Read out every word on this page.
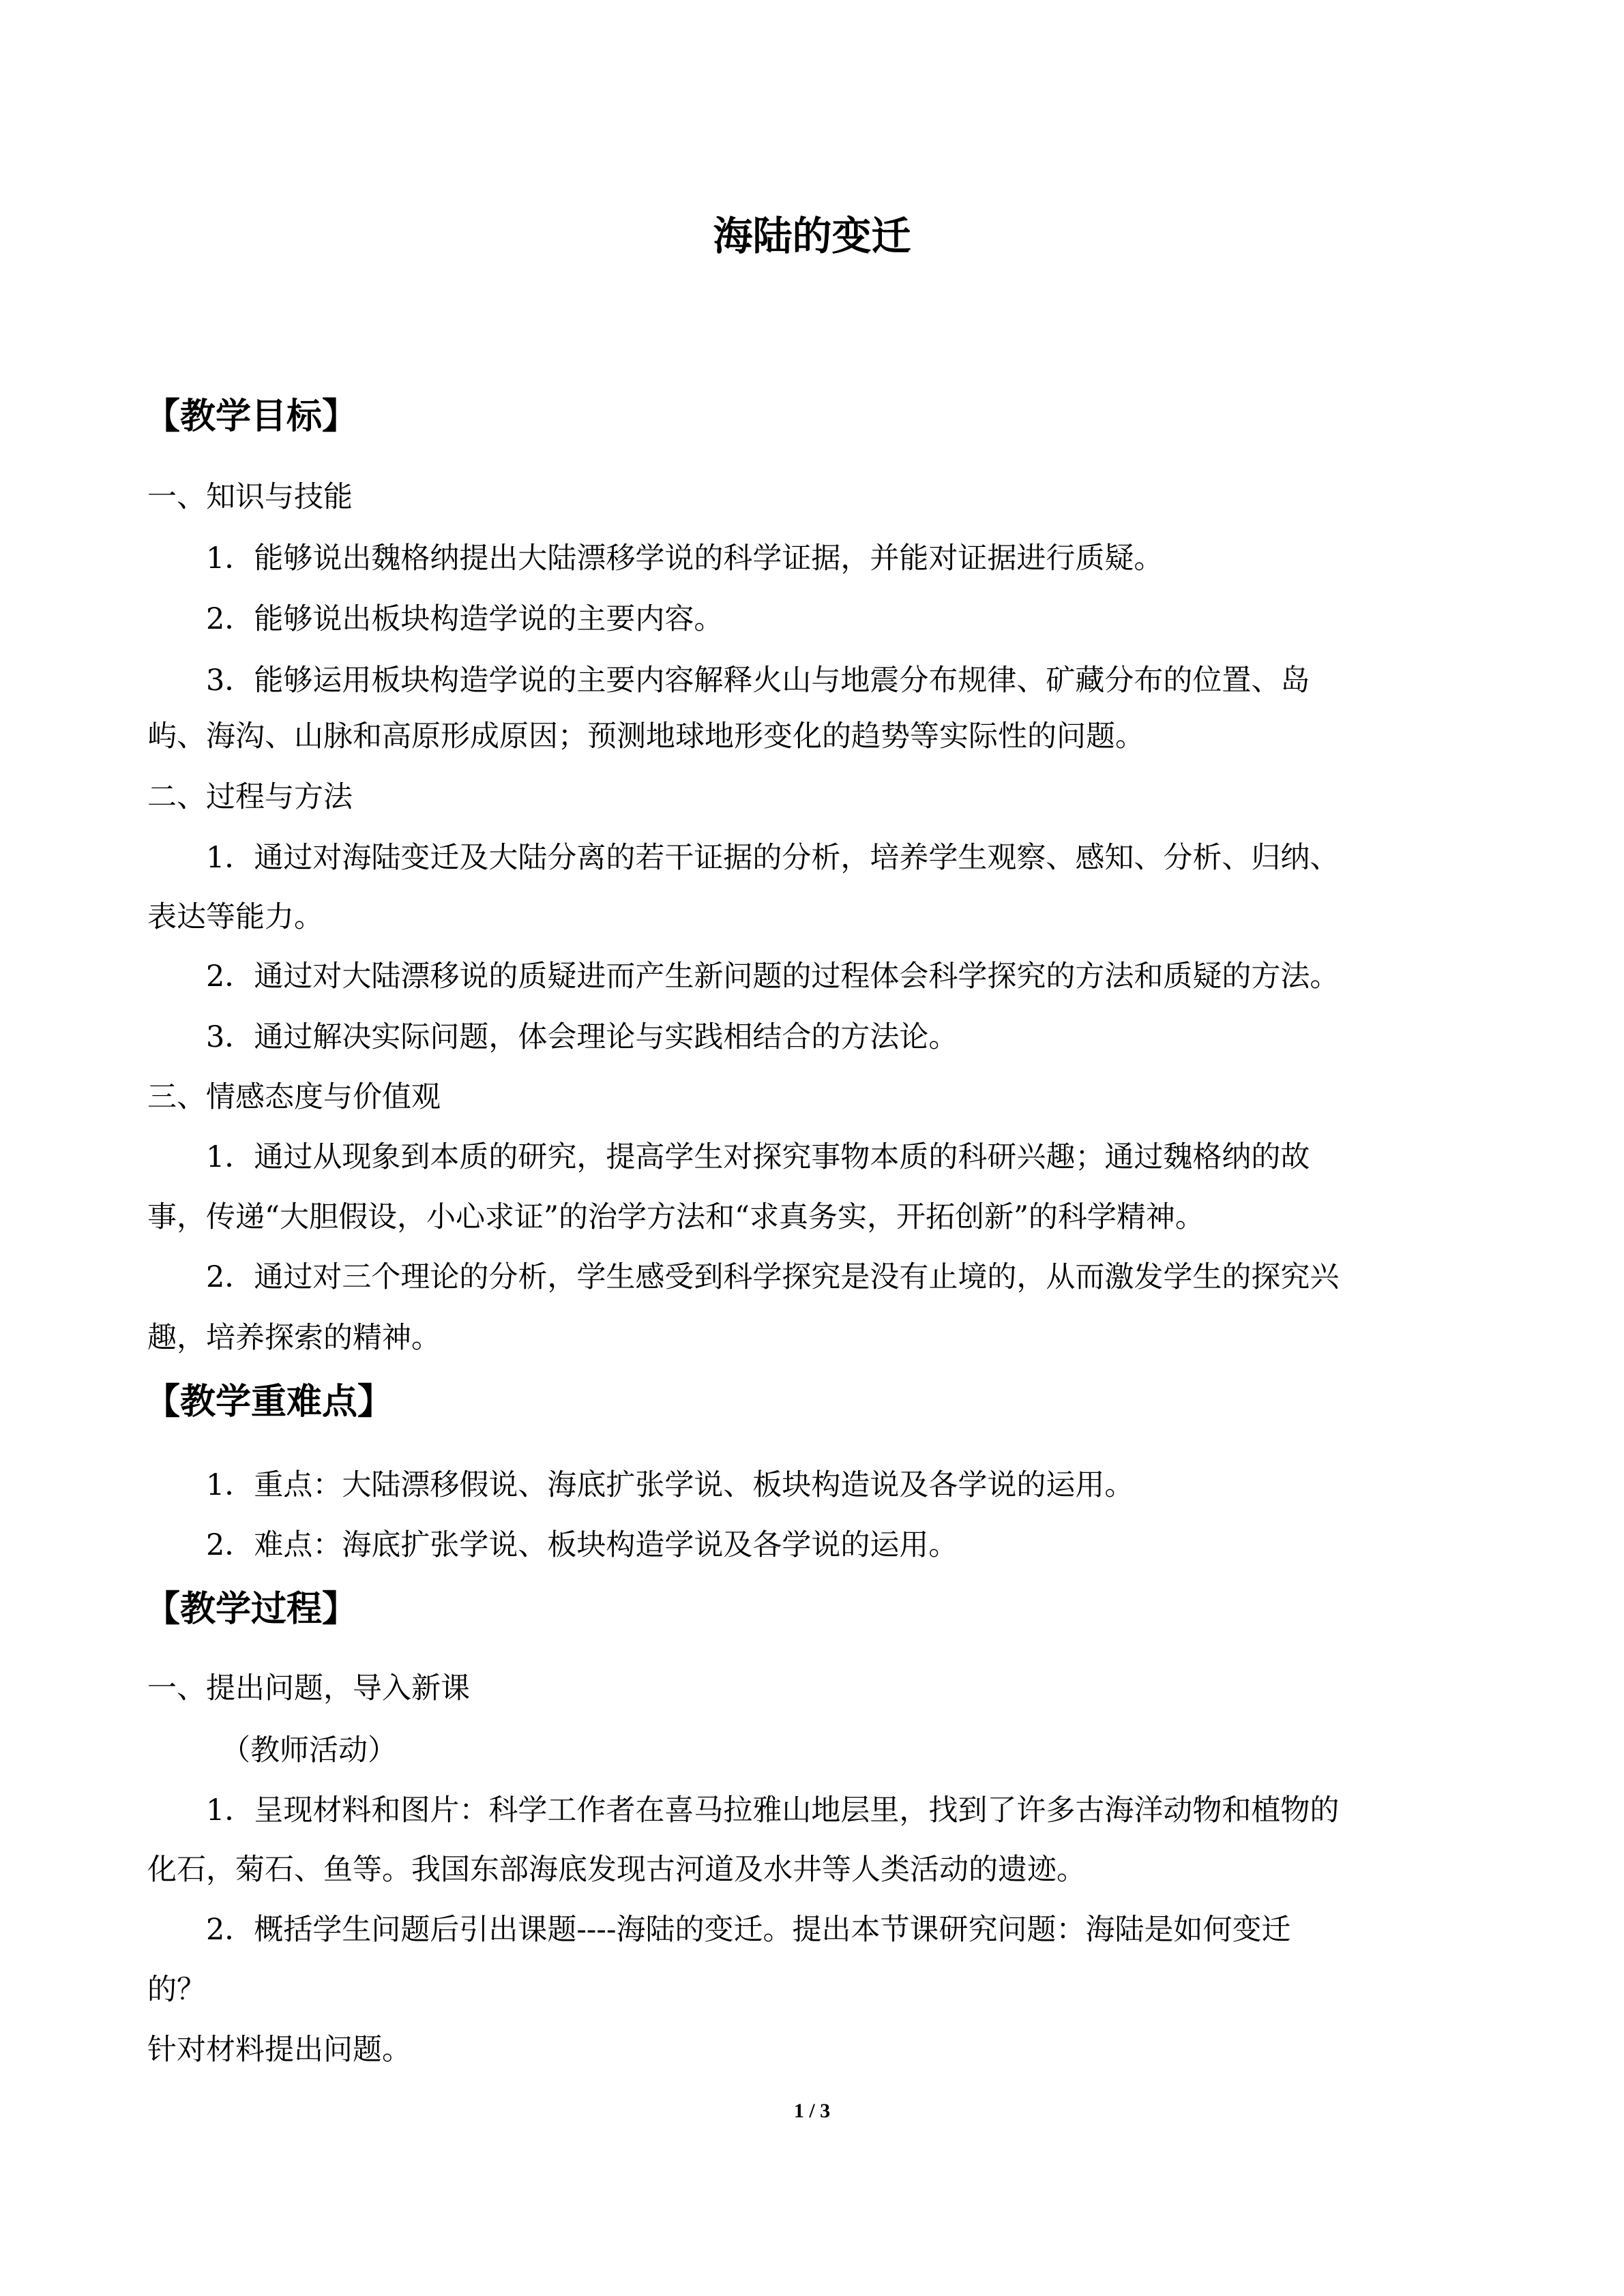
海陆的变迁
【教学目标】

一、知识与技能

1．能够说出魏格纳提出大陆漂移学说的科学证据，并能对证据进行质疑。

2．能够说出板块构造学说的主要内容。

3．能够运用板块构造学说的主要内容解释火山与地震分布规律、矿藏分布的位置、岛

屿、海沟、山脉和高原形成原因；预测地球地形变化的趋势等实际性的问题。

二、过程与方法

1．通过对海陆变迁及大陆分离的若干证据的分析，培养学生观察、感知、分析、归纳、

表达等能力。

2．通过对大陆漂移说的质疑进而产生新问题的过程体会科学探究的方法和质疑的方法。

3．通过解决实际问题，体会理论与实践相结合的方法论。

三、情感态度与价值观

1．通过从现象到本质的研究，提高学生对探究事物本质的科研兴趣；通过魏格纳的故

事，传递“大胆假设，小心求证”的治学方法和“求真务实，开拓创新”的科学精神。

2．通过对三个理论的分析，学生感受到科学探究是没有止境的，从而激发学生的探究兴

趣，培养探索的精神。

【教学重难点】

1．重点：大陆漂移假说、海底扩张学说、板块构造说及各学说的运用。

2．难点：海底扩张学说、板块构造学说及各学说的运用。

【教学过程】

一、提出问题，导入新课

（教师活动）

1．呈现材料和图片：科学工作者在喜马拉雅山地层里，找到了许多古海洋动物和植物的

化石，菊石、鱼等。我国东部海底发现古河道及水井等人类活动的遗迹。

2．概括学生问题后引出课题----海陆的变迁。提出本节课研究问题：海陆是如何变迁

的？

针对材料提出问题。

1 / 3
